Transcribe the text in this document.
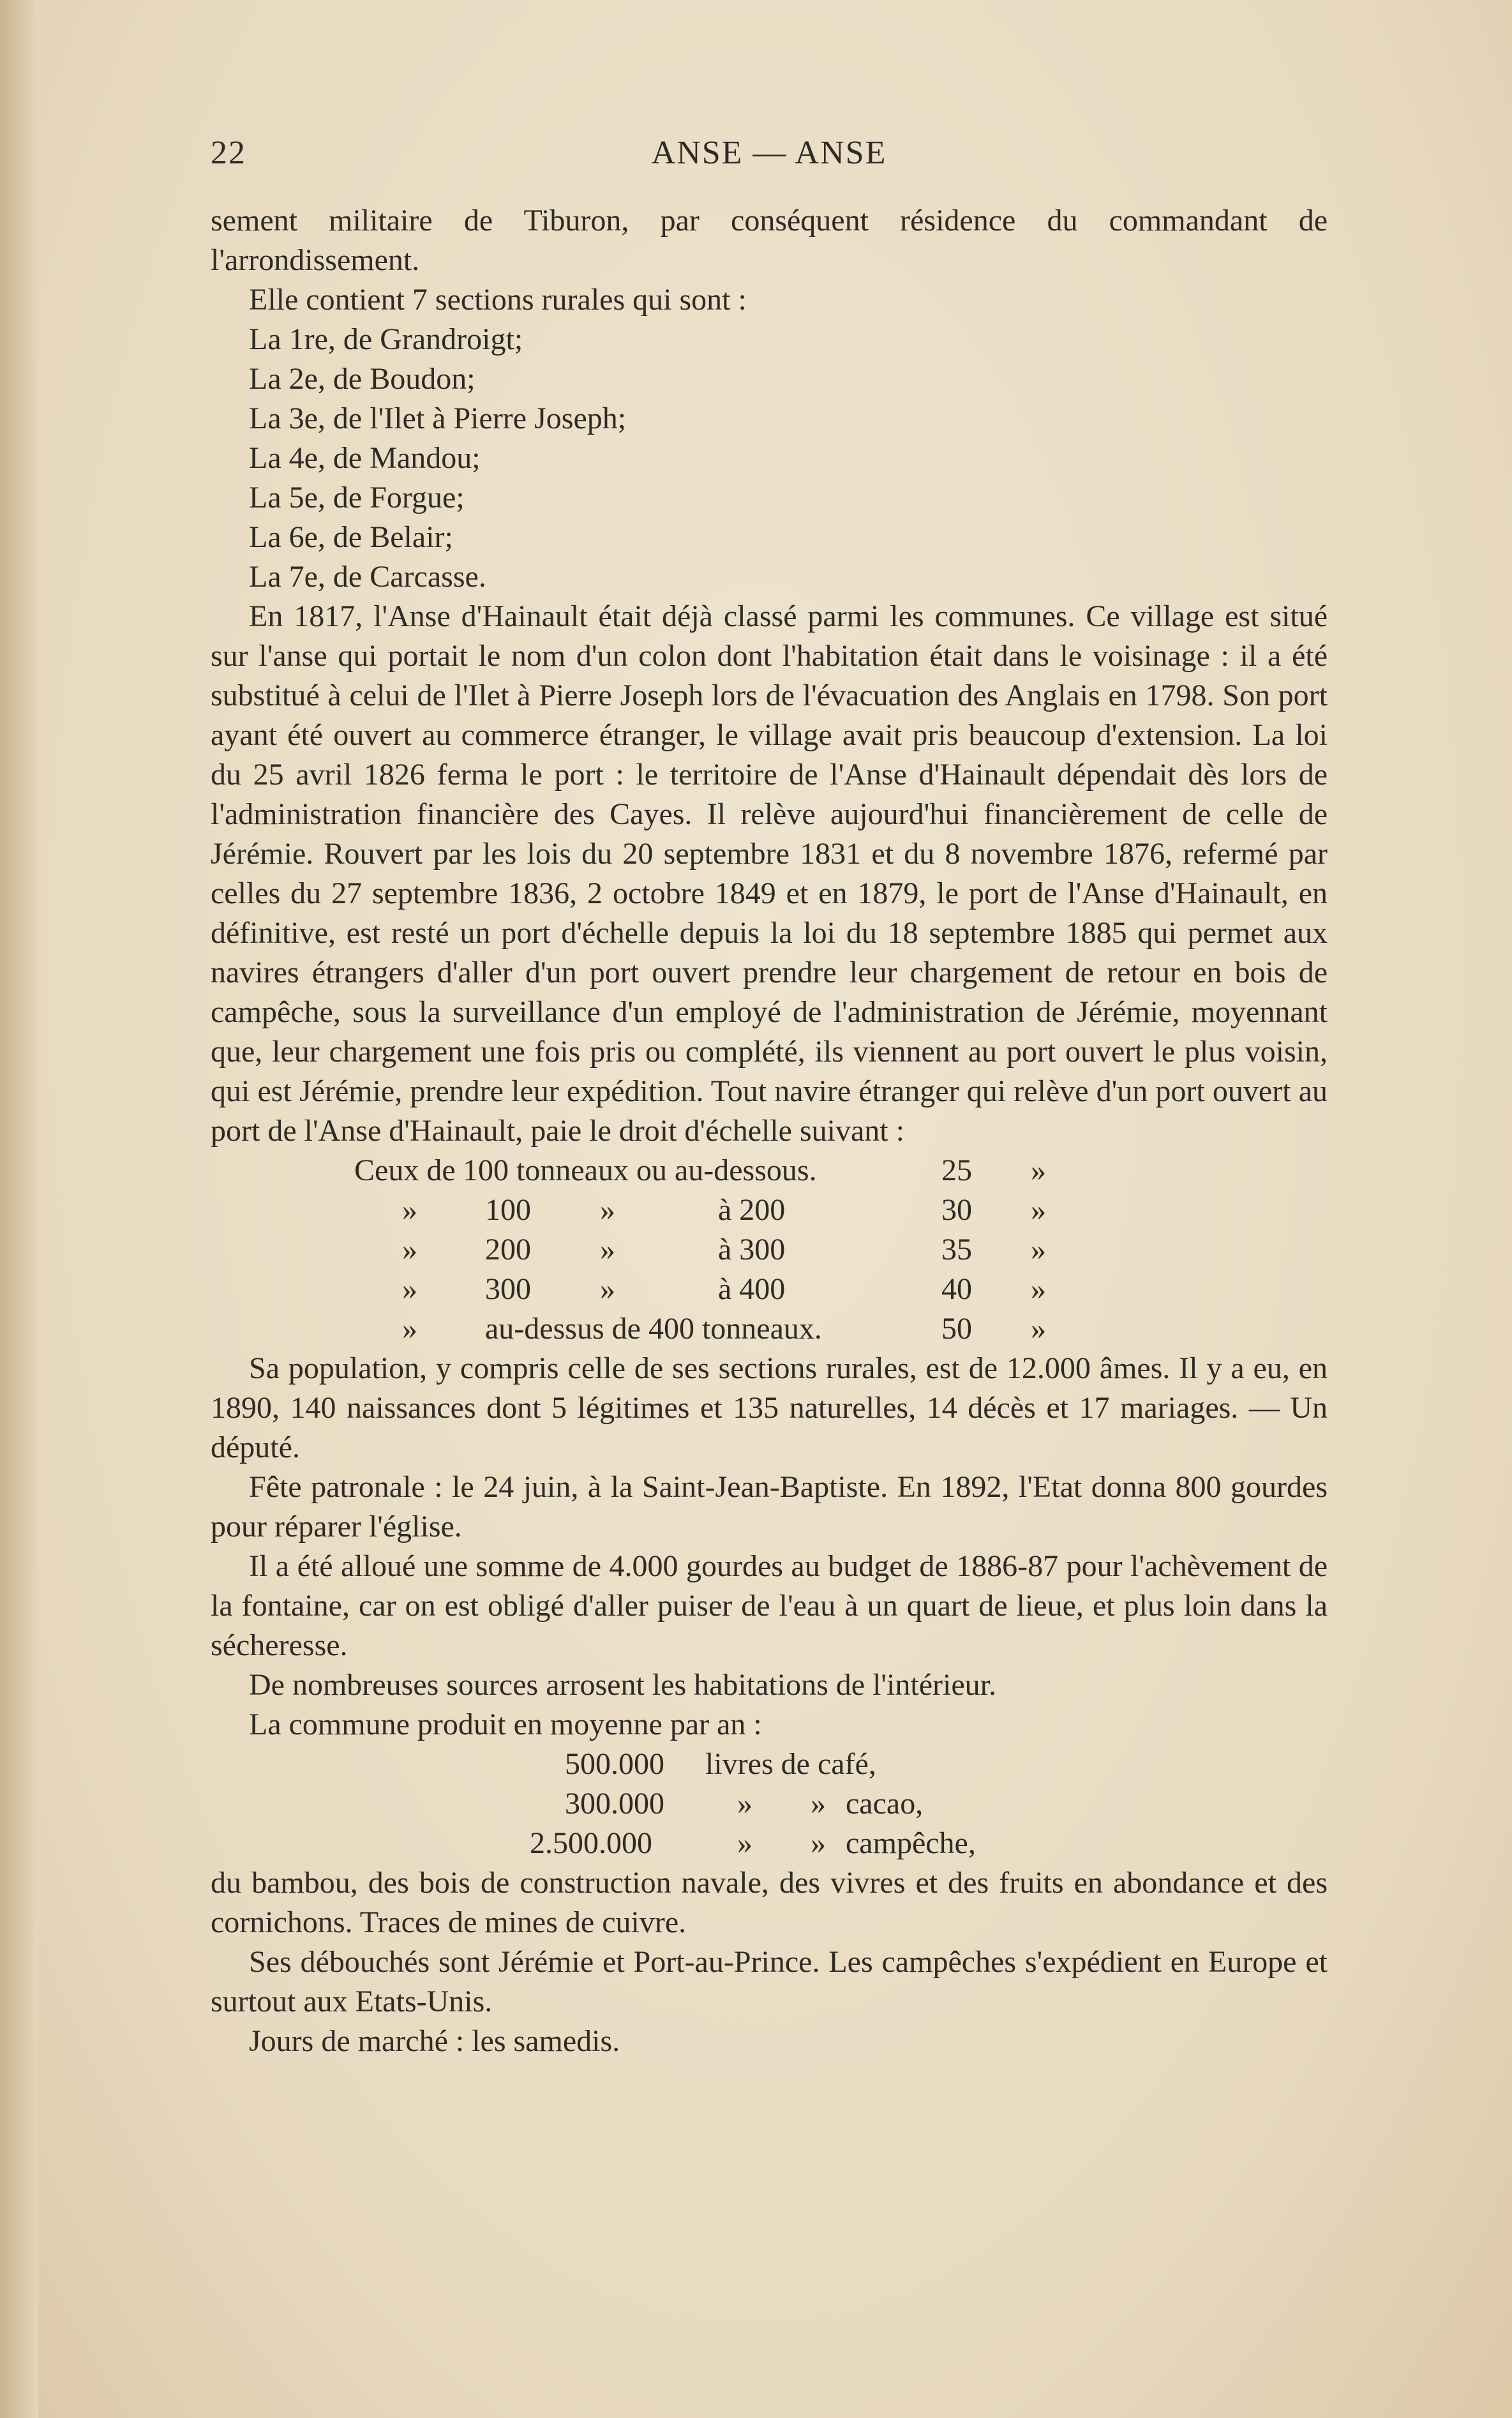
22	ANSE — ANSE

sement militaire de Tiburon, par conséquent résidence du commandant de l'arrondissement.

Elle contient 7 sections rurales qui sont :

La 1re, de Grandroigt;
La 2e, de Boudon;
La 3e, de l'Ilet à Pierre Joseph;
La 4e, de Mandou;
La 5e, de Forgue;
La 6e, de Belair;
La 7e, de Carcasse.

En 1817, l'Anse d'Hainault était déjà classé parmi les communes. Ce village est situé sur l'anse qui portait le nom d'un colon dont l'habitation était dans le voisinage : il a été substitué à celui de l'Ilet à Pierre Joseph lors de l'évacuation des Anglais en 1798. Son port ayant été ouvert au commerce étranger, le village avait pris beaucoup d'extension. La loi du 25 avril 1826 ferma le port : le territoire de l'Anse d'Hainault dépendait dès lors de l'administration financière des Cayes. Il relève aujourd'hui financièrement de celle de Jérémie. Rouvert par les lois du 20 septembre 1831 et du 8 novembre 1876, refermé par celles du 27 septembre 1836, 2 octobre 1849 et en 1879, le port de l'Anse d'Hainault, en définitive, est resté un port d'échelle depuis la loi du 18 septembre 1885 qui permet aux navires étrangers d'aller d'un port ouvert prendre leur chargement de retour en bois de campêche, sous la surveillance d'un employé de l'administration de Jérémie, moyennant que, leur chargement une fois pris ou complété, ils viennent au port ouvert le plus voisin, qui est Jérémie, prendre leur expédition. Tout navire étranger qui relève d'un port ouvert au port de l'Anse d'Hainault, paie le droit d'échelle suivant :

Ceux de 100 tonneaux ou au-dessous.	25 »
» 100 »	à 200	30 »
» 200 »	à 300	35 »
» 300 »	à 400	40 »
» au-dessus de 400 tonneaux.	50 »

Sa population, y compris celle de ses sections rurales, est de 12.000 âmes. Il y a eu, en 1890, 140 naissances dont 5 légitimes et 135 naturelles, 14 décès et 17 mariages. — Un député.

Fête patronale : le 24 juin, à la Saint-Jean-Baptiste. En 1892, l'Etat donna 800 gourdes pour réparer l'église.

Il a été alloué une somme de 4.000 gourdes au budget de 1886-87 pour l'achèvement de la fontaine, car on est obligé d'aller puiser de l'eau à un quart de lieue, et plus loin dans la sécheresse.

De nombreuses sources arrosent les habitations de l'intérieur.

La commune produit en moyenne par an :

500.000 livres de café,
300.000 » » cacao,
2.500.000	» » campêche,

du bambou, des bois de construction navale, des vivres et des fruits en abondance et des cornichons. Traces de mines de cuivre.

Ses débouchés sont Jérémie et Port-au-Prince. Les campêches s'expédient en Europe et surtout aux Etats-Unis.

Jours de marché : les samedis.
